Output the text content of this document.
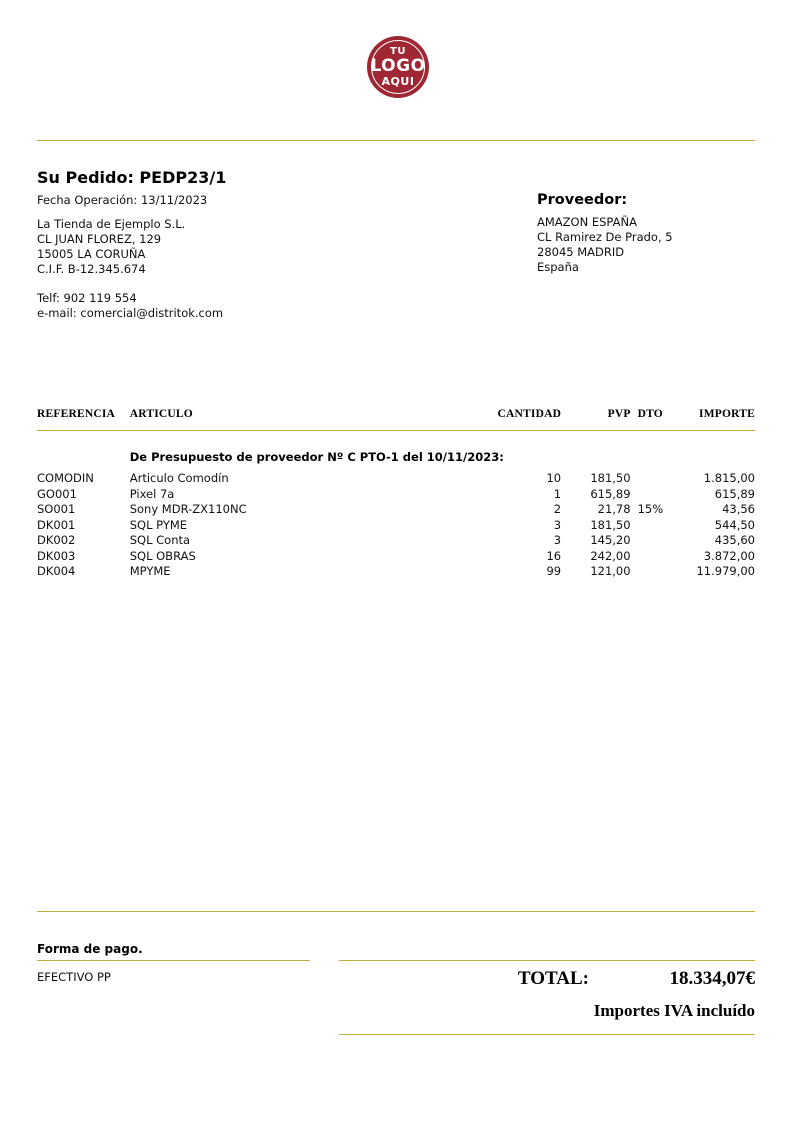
TU
LOGO
AQUI
Su Pedido: PEDP23/1
Fecha Operación: 13/11/2023
La Tienda de Ejemplo S.L.
CL JUAN FLOREZ, 129
15005 LA CORUÑA
C.I.F. B-12.345.674
Telf: 902 119 554
e-mail: comercial@distritok.com
Proveedor:
AMAZON ESPAÑA
CL Ramirez De Prado, 5
28045 MADRID
España
REFERENCIA	ARTICULO	CANTIDAD	PVP	DTO	IMPORTE

	De Presupuesto de proveedor Nº C PTO-1 del 10/11/2023:				
COMODIN	Articulo Comodín	10	181,50		1.815,00
GO001	Pixel 7a	1	615,89		615,89
SO001	Sony MDR-ZX110NC	2	21,78	15%	43,56
DK001	SQL PYME	3	181,50		544,50
DK002	SQL Conta	3	145,20		435,60
DK003	SQL OBRAS	16	242,00		3.872,00
DK004	MPYME	99	121,00		11.979,00
Forma de pago.
EFECTIVO PP	TOTAL:	18.334,07€
Importes IVA incluído
